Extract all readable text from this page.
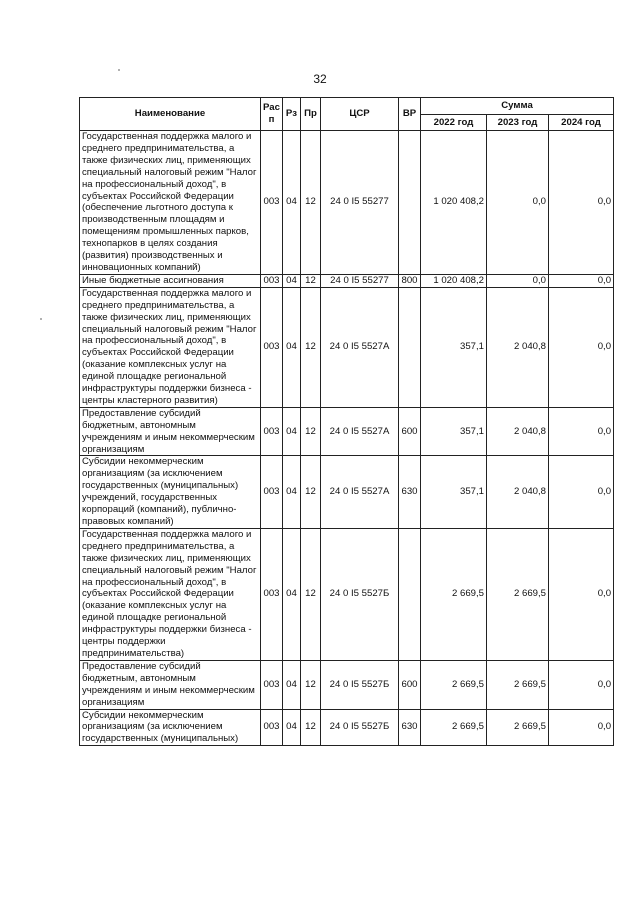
32
Наименование	Рас п	Рз	Пр	ЦСР	ВР	Сумма		
						2022 год	2023 год	2024 год
Государственная поддержка малого и среднего предпринимательства, а также физических лиц, применяющих специальный налоговый режим "Налог на профессиональный доход", в субъектах Российской Федерации (обеспечение льготного доступа к производственным площадям и помещениям промышленных парков, технопарков в целях создания (развития) производственных и инновационных компаний)	003	04	12	24 0 I5 55277		1 020 408,2	0,0	0,0
Иные бюджетные ассигнования	003	04	12	24 0 I5 55277	800	1 020 408,2	0,0	0,0
Государственная поддержка малого и среднего предпринимательства, а также физических лиц, применяющих специальный налоговый режим "Налог на профессиональный доход", в субъектах Российской Федерации (оказание комплексных услуг на единой площадке региональной инфраструктуры поддержки бизнеса - центры кластерного развития)	003	04	12	24 0 I5 5527А		357,1	2 040,8	0,0
Предоставление субсидий бюджетным, автономным учреждениям и иным некоммерческим организациям	003	04	12	24 0 I5 5527А	600	357,1	2 040,8	0,0
Субсидии некоммерческим организациям (за исключением государственных (муниципальных) учреждений, государственных корпораций (компаний), публично-правовых компаний)	003	04	12	24 0 I5 5527А	630	357,1	2 040,8	0,0
Государственная поддержка малого и среднего предпринимательства, а также физических лиц, применяющих специальный налоговый режим "Налог на профессиональный доход", в субъектах Российской Федерации (оказание комплексных услуг на единой площадке региональной инфраструктуры поддержки бизнеса - центры поддержки предпринимательства)	003	04	12	24 0 I5 5527Б		2 669,5	2 669,5	0,0
Предоставление субсидий бюджетным, автономным учреждениям и иным некоммерческим организациям	003	04	12	24 0 I5 5527Б	600	2 669,5	2 669,5	0,0
Субсидии некоммерческим организациям (за исключением государственных (муниципальных)	003	04	12	24 0 I5 5527Б	630	2 669,5	2 669,5	0,0
